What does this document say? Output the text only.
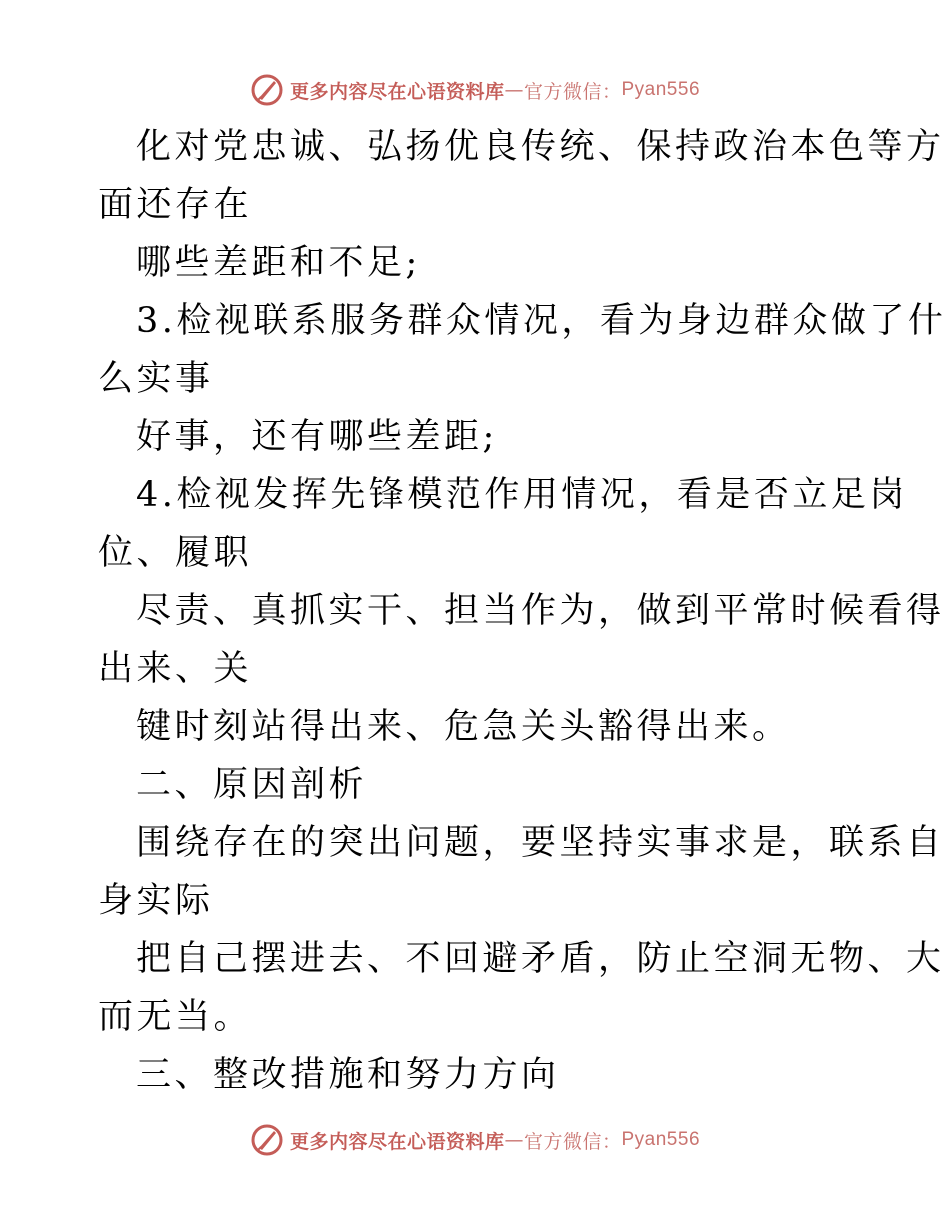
更多内容尽在心语资料库 — 官方微信： Pyan556
化对党忠诚、弘扬优良传统、保持政治本色等方
面还存在
哪些差距和不足;
3.检视联系服务群众情况，看为身边群众做了什
么实事
好事，还有哪些差距;
4.检视发挥先锋模范作用情况，看是否立足岗
位、履职
尽责、真抓实干、担当作为，做到平常时候看得
出来、关
键时刻站得出来、危急关头豁得出来。
二、原因剖析
围绕存在的突出问题，要坚持实事求是，联系自
身实际
把自己摆进去、不回避矛盾，防止空洞无物、大
而无当。
三、整改措施和努力方向
更多内容尽在心语资料库 — 官方微信： Pyan556
